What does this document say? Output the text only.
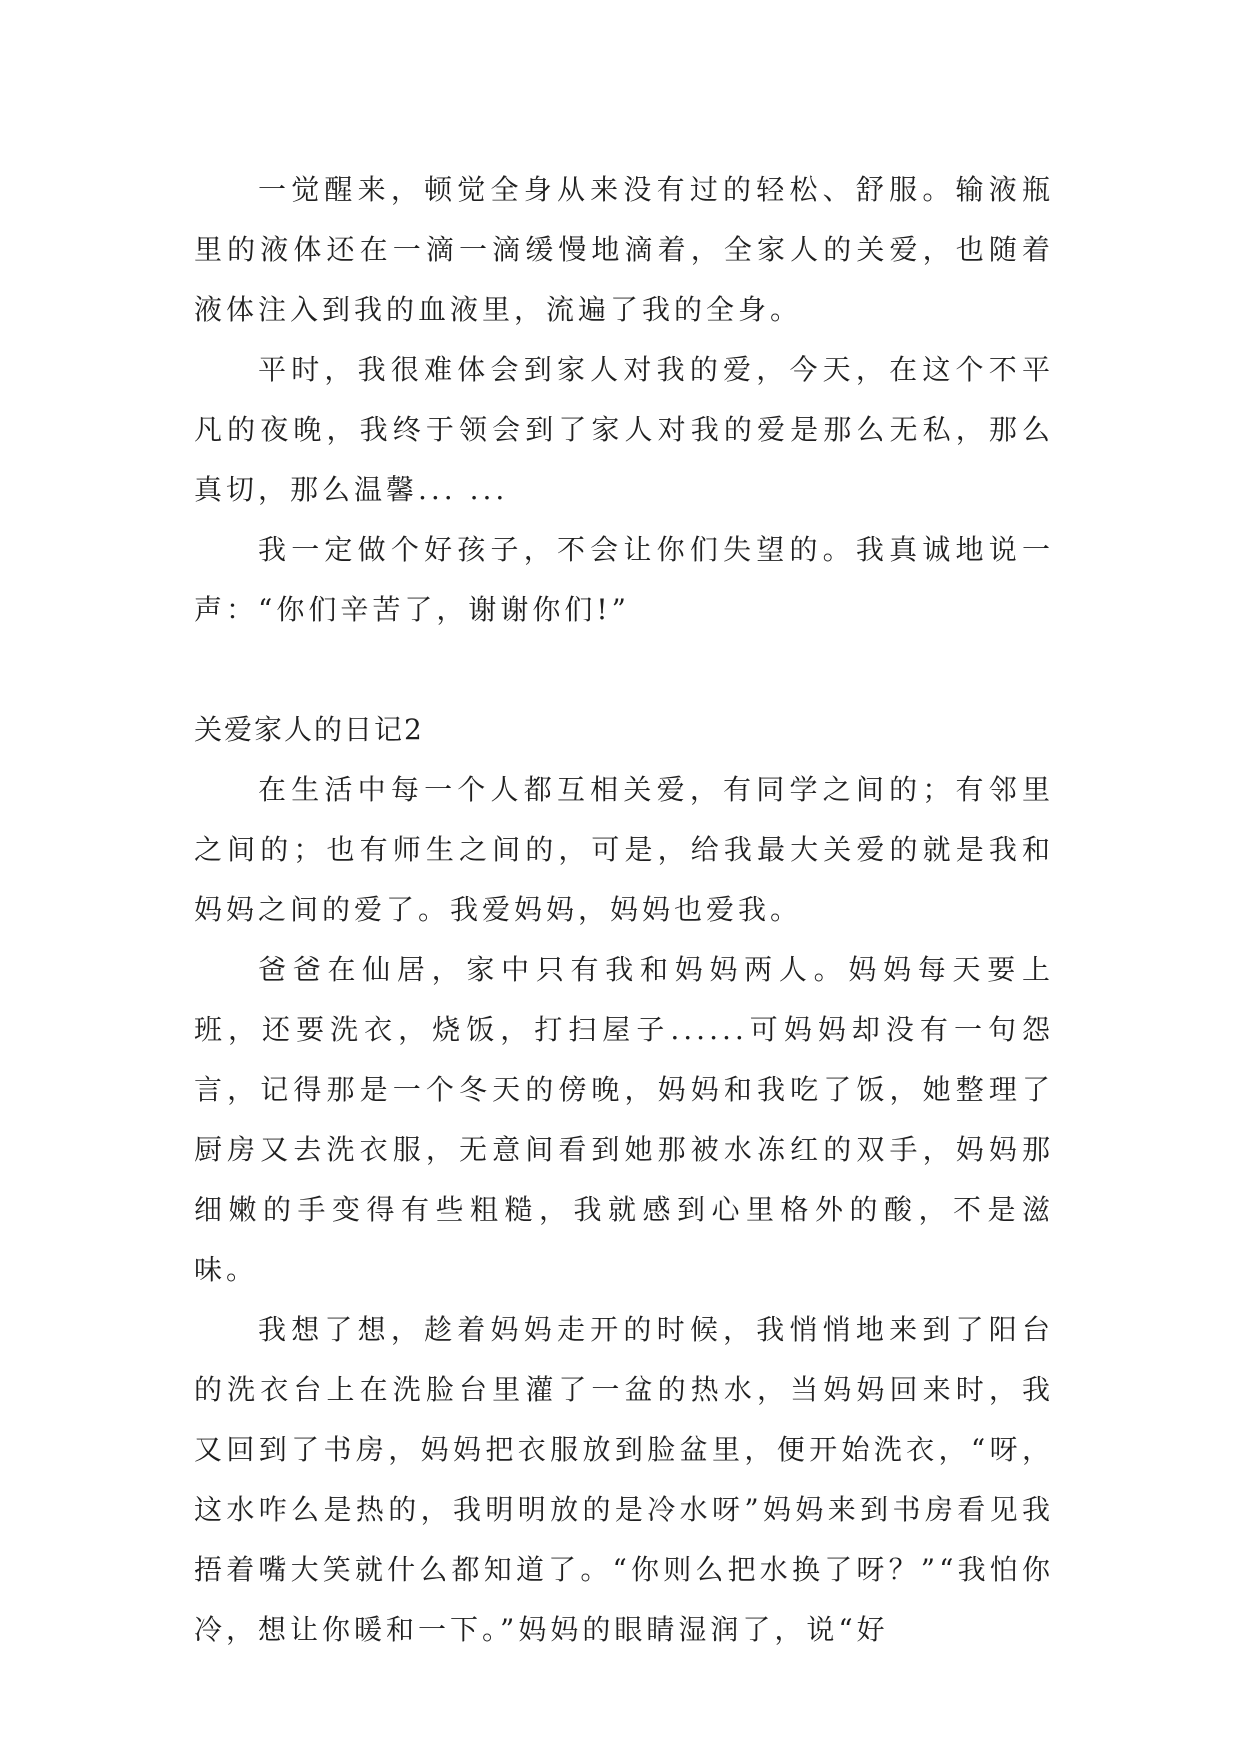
一觉醒来，顿觉全身从来没有过的轻松、舒服。输液瓶里的液体还在一滴一滴缓慢地滴着，全家人的关爱，也随着液体注入到我的血液里，流遍了我的全身。

平时，我很难体会到家人对我的爱，今天，在这个不平凡的夜晚，我终于领会到了家人对我的爱是那么无私，那么真切，那么温馨... ...

我一定做个好孩子，不会让你们失望的。我真诚地说一声：“你们辛苦了，谢谢你们!”

关爱家人的日记2

在生活中每一个人都互相关爱，有同学之间的；有邻里之间的；也有师生之间的，可是，给我最大关爱的就是我和妈妈之间的爱了。我爱妈妈，妈妈也爱我。

爸爸在仙居，家中只有我和妈妈两人。妈妈每天要上班，还要洗衣，烧饭，打扫屋子......可妈妈却没有一句怨言，记得那是一个冬天的傍晚，妈妈和我吃了饭，她整理了厨房又去洗衣服，无意间看到她那被水冻红的双手，妈妈那细嫩的手变得有些粗糙，我就感到心里格外的酸，不是滋味。

我想了想，趁着妈妈走开的时候，我悄悄地来到了阳台的洗衣台上在洗脸台里灌了一盆的热水，当妈妈回来时，我又回到了书房，妈妈把衣服放到脸盆里，便开始洗衣，“呀，这水咋么是热的，我明明放的是冷水呀”妈妈来到书房看见我捂着嘴大笑就什么都知道了。“你则么把水换了呀？”“我怕你冷，想让你暖和一下。”妈妈的眼睛湿润了，说“好
